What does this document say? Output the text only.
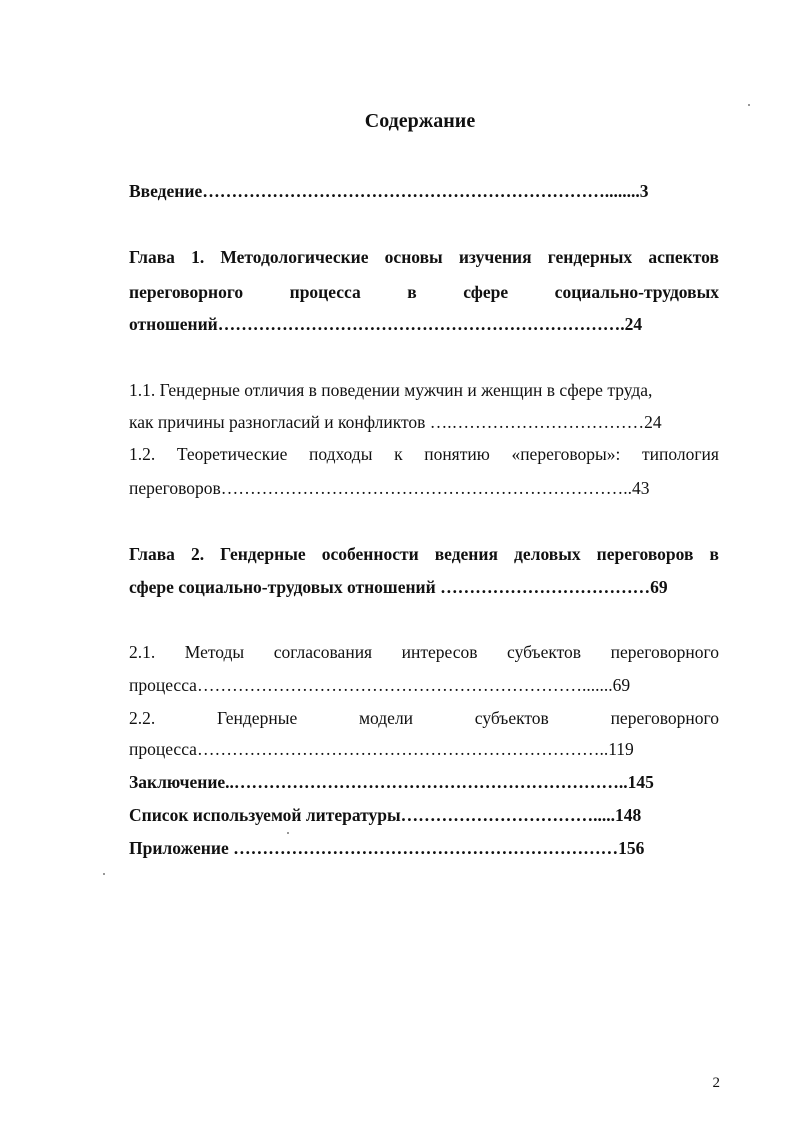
Содержание
Введение……………………………………………………………........3
Глава 1. Методологические основы изучения гендерных аспектов
переговорного	процесса	в	сфере	социально-трудовых
отношений…………………………………………………………….24
1.1. Гендерные отличия в поведении мужчин и женщин в сфере труда,
как причины разногласий и конфликтов ….……………………………24
1.2. Теоретические подходы к понятию «переговоры»: типология
переговоров……………………………………………………………..43
Глава 2. Гендерные особенности ведения деловых переговоров в
сфере социально-трудовых отношений ………………………………69
2.1. Методы согласования интересов субъектов переговорного
процесса………………………………………………………….......69
2.2.	Гендерные	модели	субъектов	переговорного
процесса……………………………………………………………..119
Заключение..…………………………………………………………..145
Список используемой литературы…………………………….....148
Приложение …………………………………………………………156
2
